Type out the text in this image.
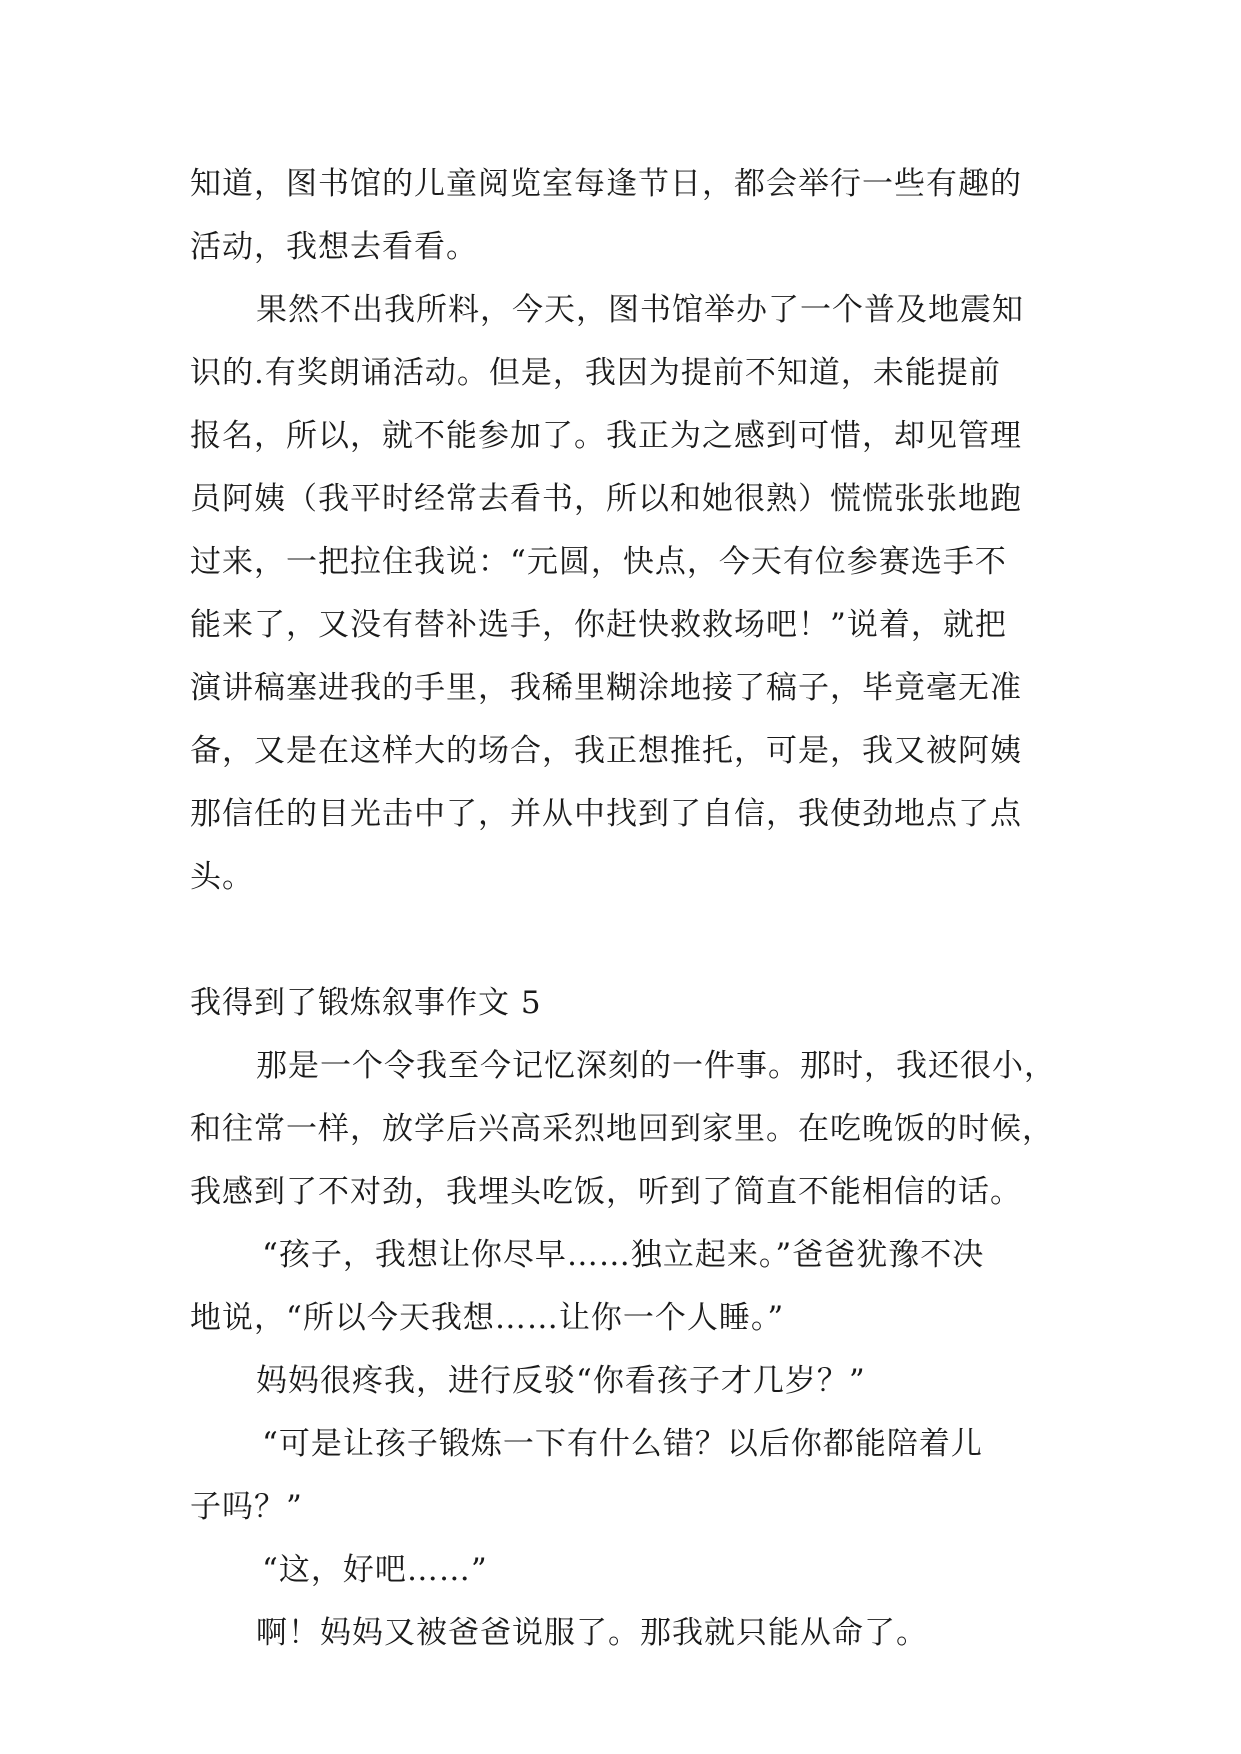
知道，图书馆的儿童阅览室每逢节日，都会举行一些有趣的
活动，我想去看看。
果然不出我所料，今天，图书馆举办了一个普及地震知
识的.有奖朗诵活动。但是，我因为提前不知道，未能提前
报名，所以，就不能参加了。我正为之感到可惜，却见管理
员阿姨（我平时经常去看书，所以和她很熟）慌慌张张地跑
过来，一把拉住我说：“元圆，快点，今天有位参赛选手不
能来了，又没有替补选手，你赶快救救场吧！”说着，就把
演讲稿塞进我的手里，我稀里糊涂地接了稿子，毕竟毫无准
备，又是在这样大的场合，我正想推托，可是，我又被阿姨
那信任的目光击中了，并从中找到了自信，我使劲地点了点
头。
我得到了锻炼叙事作文 5
那是一个令我至今记忆深刻的一件事。那时，我还很小，
和往常一样，放学后兴高采烈地回到家里。在吃晚饭的时候，
我感到了不对劲，我埋头吃饭，听到了简直不能相信的话。
“孩子，我想让你尽早……独立起来。”爸爸犹豫不决
地说，“所以今天我想……让你一个人睡。”
妈妈很疼我，进行反驳“你看孩子才几岁？”
“可是让孩子锻炼一下有什么错？以后你都能陪着儿
子吗？”
“这，好吧……”
啊！妈妈又被爸爸说服了。那我就只能从命了。
